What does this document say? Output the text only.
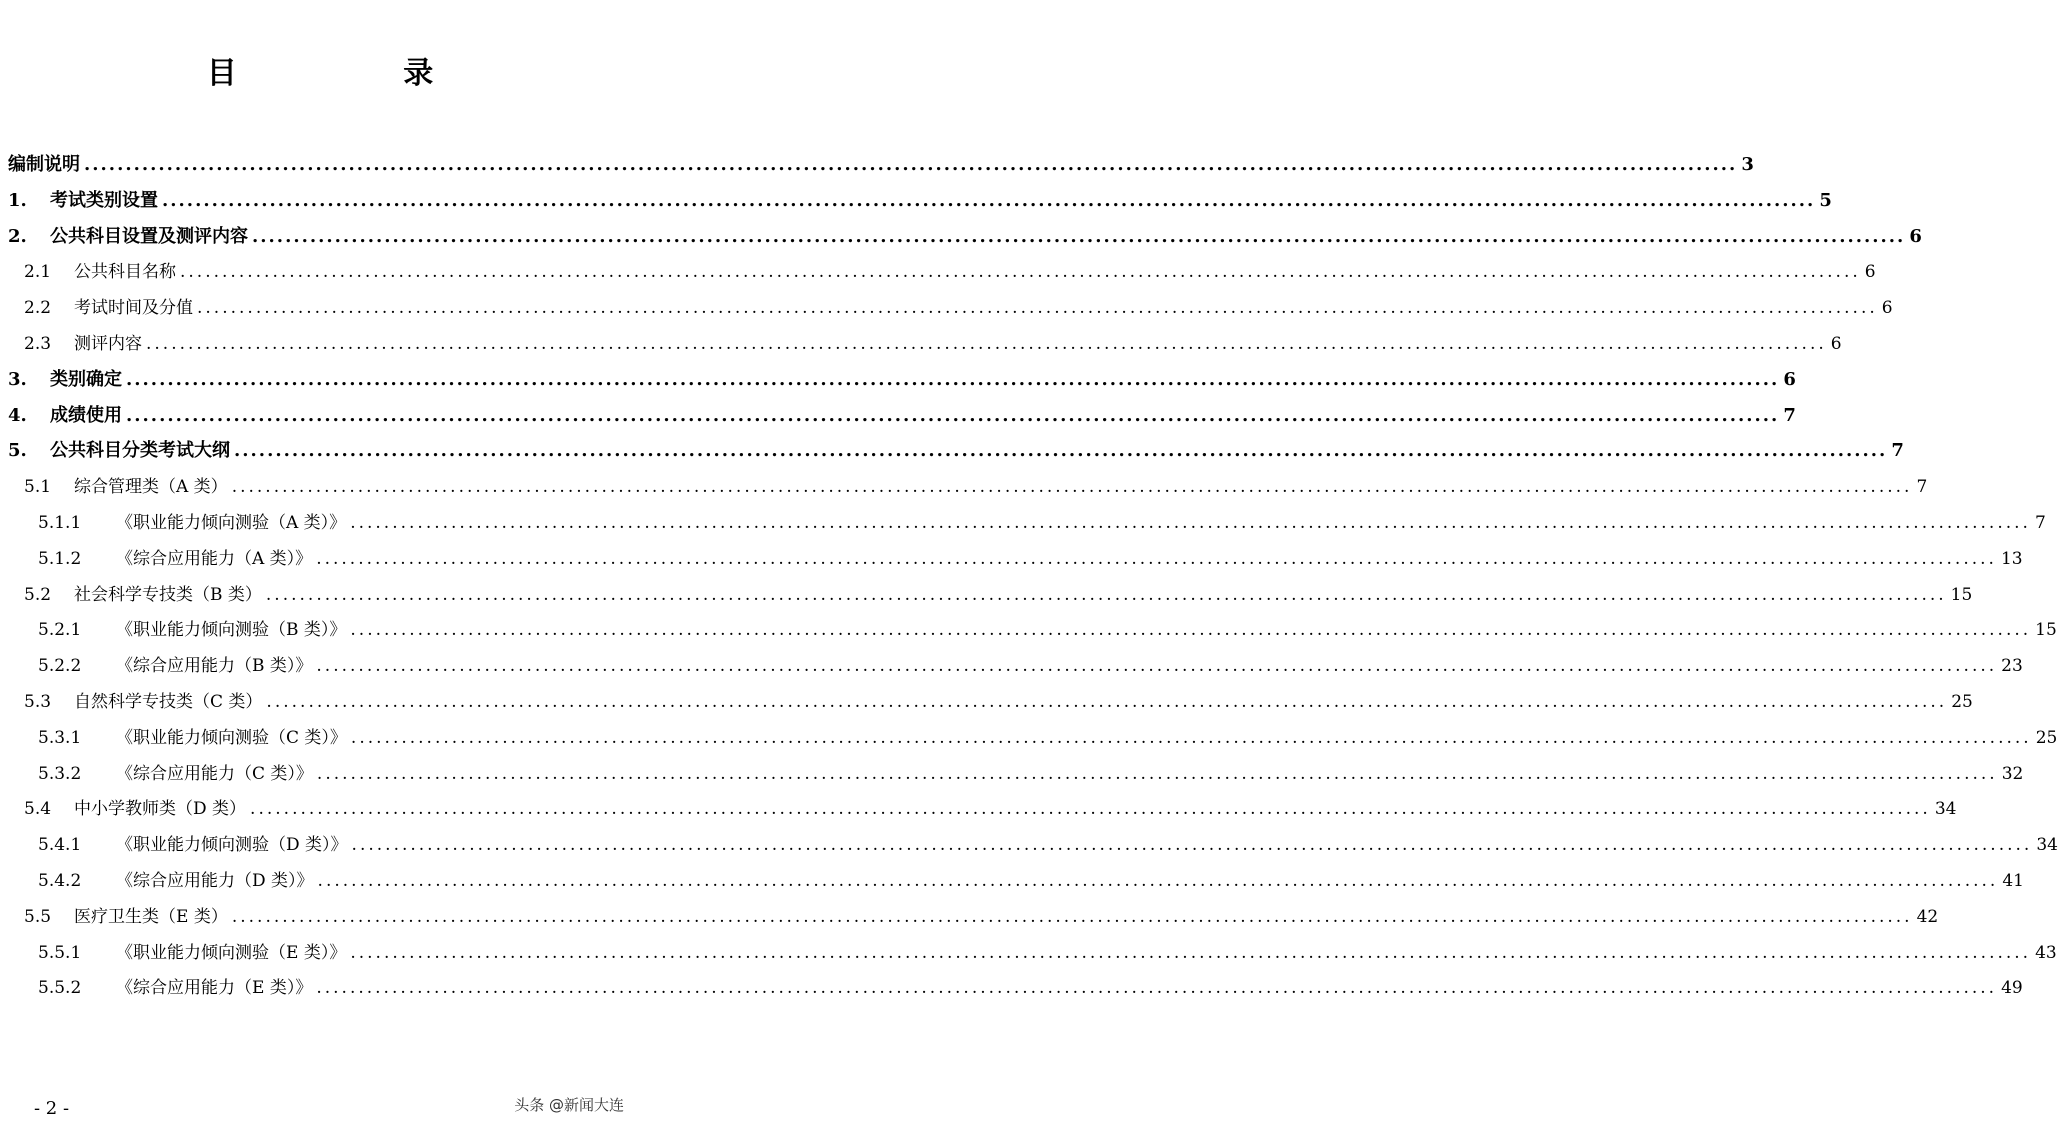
目 录
编制说明 ........................................................................................................................................................................................................ 3
1.	考试类别设置 ........................................................................................................................................................................................................ 5
2.	公共科目设置及测评内容 ........................................................................................................................................................................................................ 6
2.1	公共科目名称 ........................................................................................................................................................................................................ 6
2.2	考试时间及分值 ........................................................................................................................................................................................................ 6
2.3	测评内容 ........................................................................................................................................................................................................ 6
3.	类别确定 ........................................................................................................................................................................................................ 6
4.	成绩使用 ........................................................................................................................................................................................................ 7
5.	公共科目分类考试大纲 ........................................................................................................................................................................................................ 7
5.1	综合管理类（A 类） ........................................................................................................................................................................................................ 7
5.1.1	《职业能力倾向测验（A 类）》 ........................................................................................................................................................................................................ 7
5.1.2	《综合应用能力（A 类）》 ........................................................................................................................................................................................................ 13
5.2	社会科学专技类（B 类） ........................................................................................................................................................................................................ 15
5.2.1	《职业能力倾向测验（B 类）》 ........................................................................................................................................................................................................ 15
5.2.2	《综合应用能力（B 类）》 ........................................................................................................................................................................................................ 23
5.3	自然科学专技类（C 类） ........................................................................................................................................................................................................ 25
5.3.1	《职业能力倾向测验（C 类）》 ........................................................................................................................................................................................................ 25
5.3.2	《综合应用能力（C 类）》 ........................................................................................................................................................................................................ 32
5.4	中小学教师类（D 类） ........................................................................................................................................................................................................ 34
5.4.1	《职业能力倾向测验（D 类）》 ........................................................................................................................................................................................................ 34
5.4.2	《综合应用能力（D 类）》 ........................................................................................................................................................................................................ 41
5.5	医疗卫生类（E 类） ........................................................................................................................................................................................................ 42
5.5.1	《职业能力倾向测验（E 类）》 ........................................................................................................................................................................................................ 43
5.5.2	《综合应用能力（E 类）》 ........................................................................................................................................................................................................ 49
- 2 -	头条 @新闻大连
